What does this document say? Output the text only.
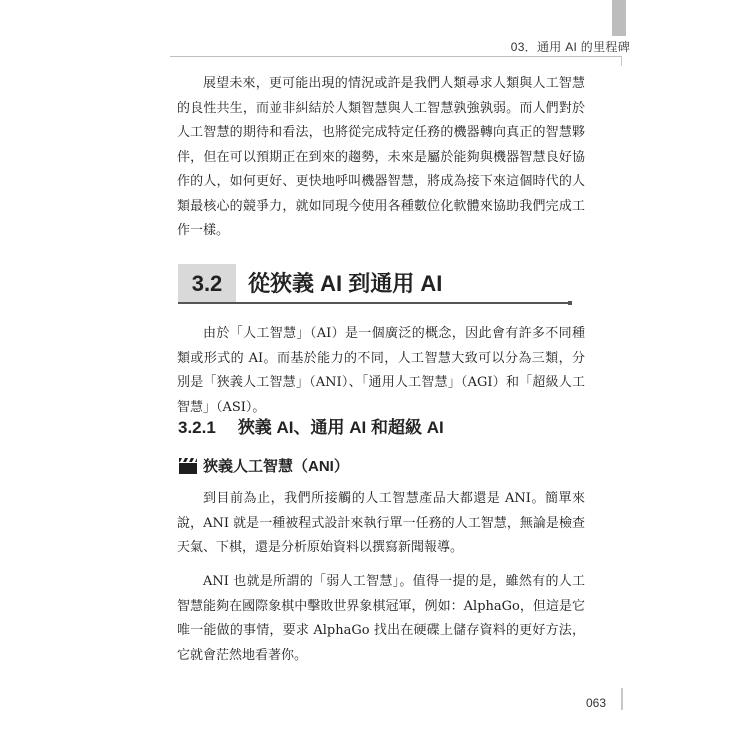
03．通用 AI 的里程碑

展望未來，更可能出現的情況或許是我們人類尋求人類與人工智慧的良性共生，而並非糾結於人類智慧與人工智慧孰強孰弱。而人們對於人工智慧的期待和看法，也將從完成特定任務的機器轉向真正的智慧夥伴，但在可以預期正在到來的趨勢，未來是屬於能夠與機器智慧良好協作的人，如何更好、更快地呼叫機器智慧，將成為接下來這個時代的人類最核心的競爭力，就如同現今使用各種數位化軟體來協助我們完成工作一樣。

3.2	從狹義 AI 到通用 AI

由於「人工智慧」（AI）是一個廣泛的概念，因此會有許多不同種類或形式的 AI。而基於能力的不同，人工智慧大致可以分為三類，分別是「狹義人工智慧」（ANI）、「通用人工智慧」（AGI）和「超級人工智慧」（ASI）。

3.2.1 狹義 AI、通用 AI 和超級 AI
狹義人工智慧（ANI）

到目前為止，我們所接觸的人工智慧產品大都還是 ANI。簡單來說，ANI 就是一種被程式設計來執行單一任務的人工智慧，無論是檢查天氣、下棋，還是分析原始資料以撰寫新聞報導。

ANI 也就是所謂的「弱人工智慧」。值得一提的是，雖然有的人工智慧能夠在國際象棋中擊敗世界象棋冠軍，例如：AlphaGo，但這是它唯一能做的事情，要求 AlphaGo 找出在硬碟上儲存資料的更好方法，它就會茫然地看著你。

063
